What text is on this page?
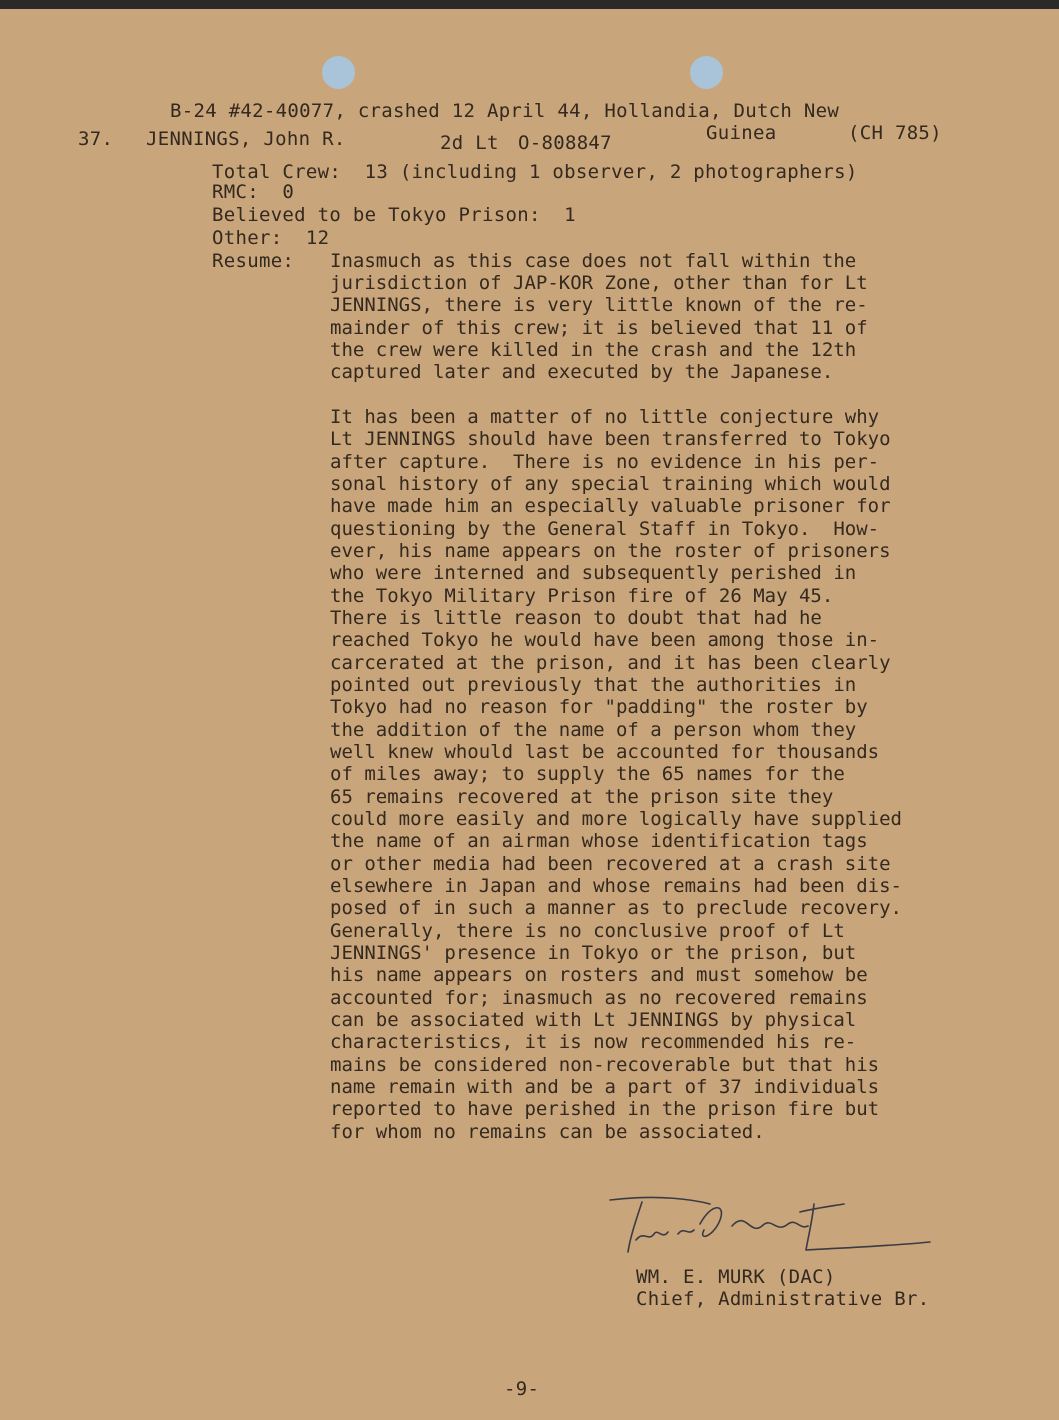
B-24 #42-40077, crashed 12 April 44, Hollandia, Dutch New
37. JENNINGS, John R.	2d Lt O-808847	Guinea	(CH 785)
Total Crew:  13 (including 1 observer, 2 photographers)
RMC:  0
Believed to be Tokyo Prison:  1
Other:  12
Resume: Inasmuch as this case does not fall within the
jurisdiction of JAP-KOR Zone, other than for Lt
JENNINGS, there is very little known of the re-
mainder of this crew; it is believed that 11 of
the crew were killed in the crash and the 12th
captured later and executed by the Japanese.
It has been a matter of no little conjecture why
Lt JENNINGS should have been transferred to Tokyo
after capture.  There is no evidence in his per-
sonal history of any special training which would
have made him an especially valuable prisoner for
questioning by the General Staff in Tokyo.  How-
ever, his name appears on the roster of prisoners
who were interned and subsequently perished in
the Tokyo Military Prison fire of 26 May 45.
There is little reason to doubt that had he
reached Tokyo he would have been among those in-
carcerated at the prison, and it has been clearly
pointed out previously that the authorities in
Tokyo had no reason for "padding" the roster by
the addition of the name of a person whom they
well knew whould last be accounted for thousands
of miles away; to supply the 65 names for the
65 remains recovered at the prison site they
could more easily and more logically have supplied
the name of an airman whose identification tags
or other media had been recovered at a crash site
elsewhere in Japan and whose remains had been dis-
posed of in such a manner as to preclude recovery.
Generally, there is no conclusive proof of Lt
JENNINGS' presence in Tokyo or the prison, but
his name appears on rosters and must somehow be
accounted for; inasmuch as no recovered remains
can be associated with Lt JENNINGS by physical
characteristics, it is now recommended his re-
mains be considered non-recoverable but that his
name remain with and be a part of 37 individuals
reported to have perished in the prison fire but
for whom no remains can be associated.
WM. E. MURK (DAC)
Chief, Administrative Br.
-9-
